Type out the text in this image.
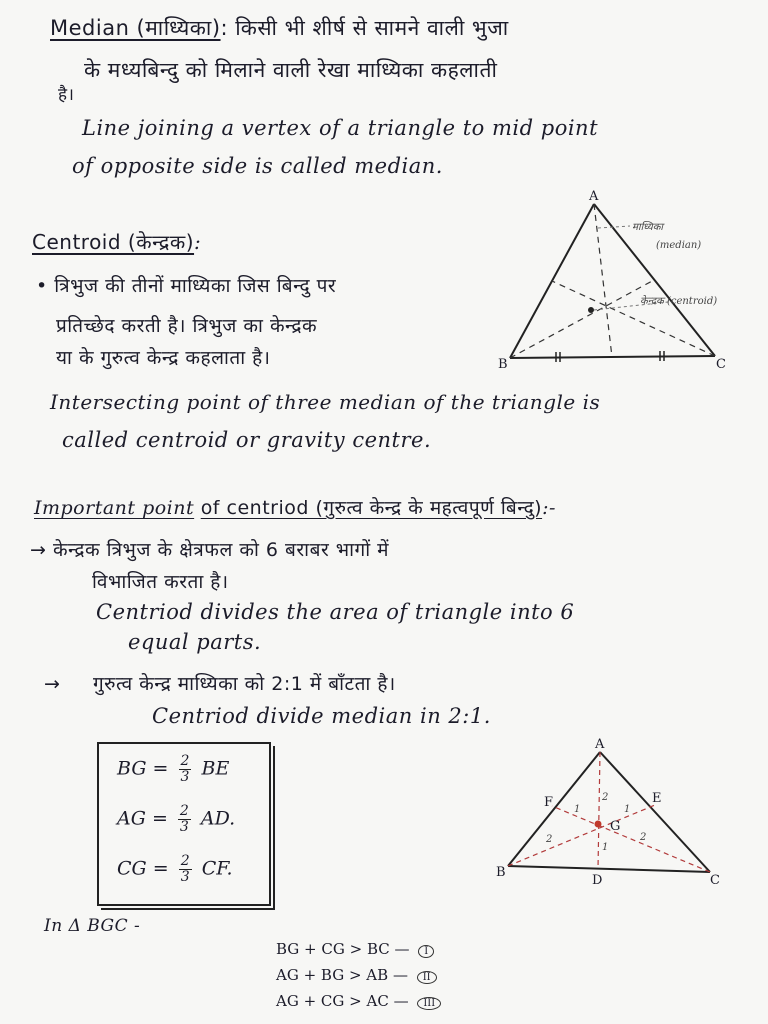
Median (माध्यिका): किसी भी शीर्ष से सामने वाली भुजा
के मध्यबिन्दु को मिलाने वाली रेखा माध्यिका कहलाती
है।
Line joining a vertex of a triangle to mid point
of opposite side is called median.
Centroid (केन्द्रक):
• त्रिभुज की तीनों माध्यिका जिस बिन्दु पर
प्रतिच्छेद करती है। त्रिभुज का केन्द्रक
या के गुरुत्व केन्द्र कहलाता है।
Intersecting point of three median of the triangle is
called centroid or gravity centre.
A
B	C
माध्यिका
(median)
केन्द्रक (centroid)
Important point of centriod (गुरुत्व केन्द्र के महत्वपूर्ण बिन्दु):-
→ केन्द्रक त्रिभुज के क्षेत्रफल को 6 बराबर भागों में
विभाजित करता है।
Centriod divides the area of triangle into 6
equal parts.
→ गुरुत्व केन्द्र माध्यिका को 2:1 में बाँटता है।
Centriod divide median in 2:1.
BG = $\frac{2}{3}$ BE
AG = $\frac{2}{3}$ AD.
CG = $\frac{2}{3}$ CF.
A
B
C
D
E
F
G
1
2
1
2
1
2
In Δ BGC -
BG + CG > BC — I
AG + BG > AB — II
AG + CG > AC — III
